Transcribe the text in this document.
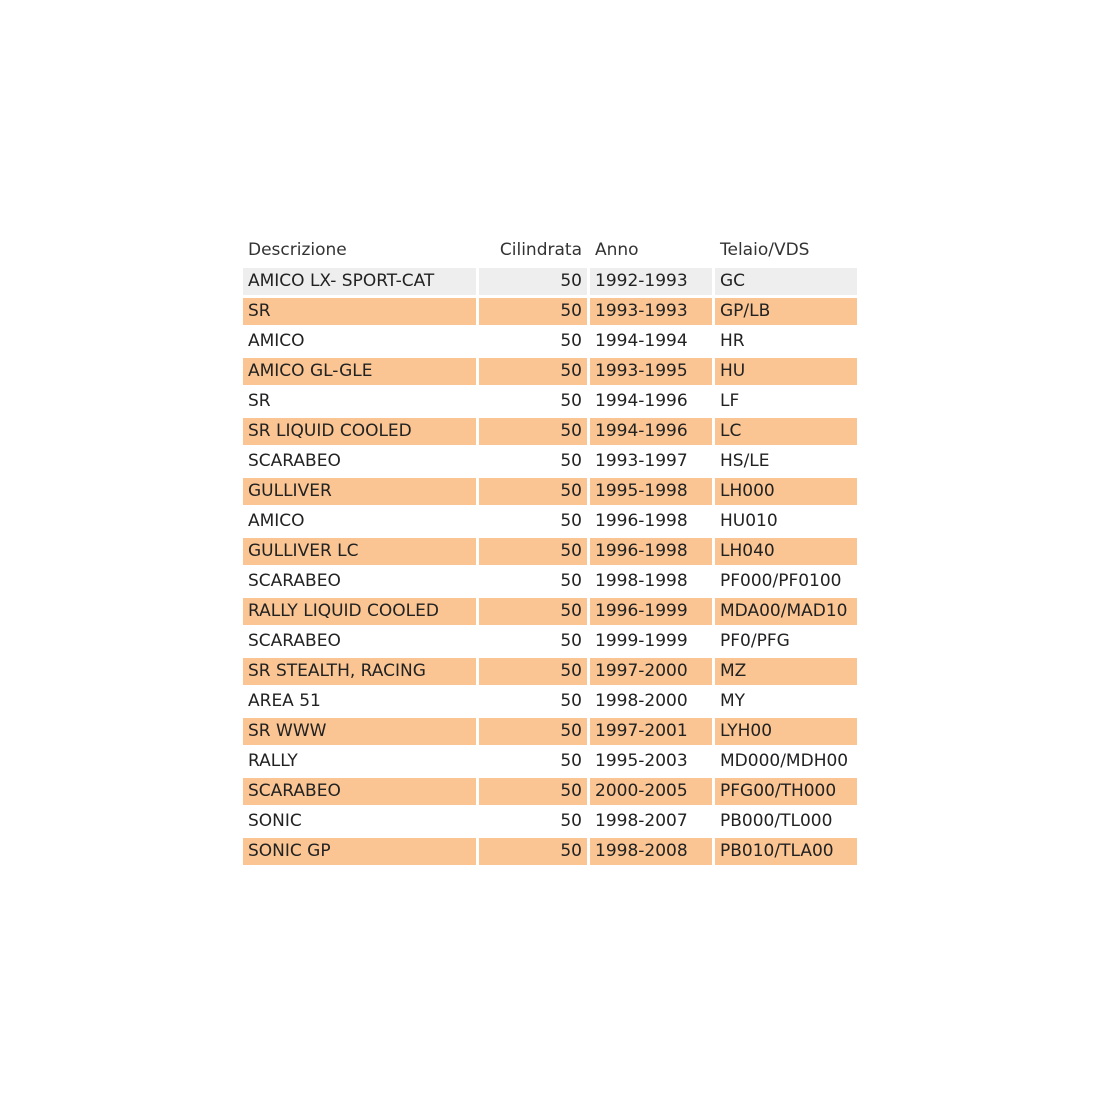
Descrizione	Cilindrata	Anno	Telaio/VDS
AMICO LX- SPORT-CAT	50	1992-1993	GC
SR	50	1993-1993	GP/LB
AMICO	50	1994-1994	HR
AMICO GL-GLE	50	1993-1995	HU
SR	50	1994-1996	LF
SR LIQUID COOLED	50	1994-1996	LC
SCARABEO	50	1993-1997	HS/LE
GULLIVER	50	1995-1998	LH000
AMICO	50	1996-1998	HU010
GULLIVER LC	50	1996-1998	LH040
SCARABEO	50	1998-1998	PF000/PF0100
RALLY LIQUID COOLED	50	1996-1999	MDA00/MAD10
SCARABEO	50	1999-1999	PF0/PFG
SR STEALTH, RACING	50	1997-2000	MZ
AREA 51	50	1998-2000	MY
SR WWW	50	1997-2001	LYH00
RALLY	50	1995-2003	MD000/MDH00
SCARABEO	50	2000-2005	PFG00/TH000
SONIC	50	1998-2007	PB000/TL000
SONIC GP	50	1998-2008	PB010/TLA00
